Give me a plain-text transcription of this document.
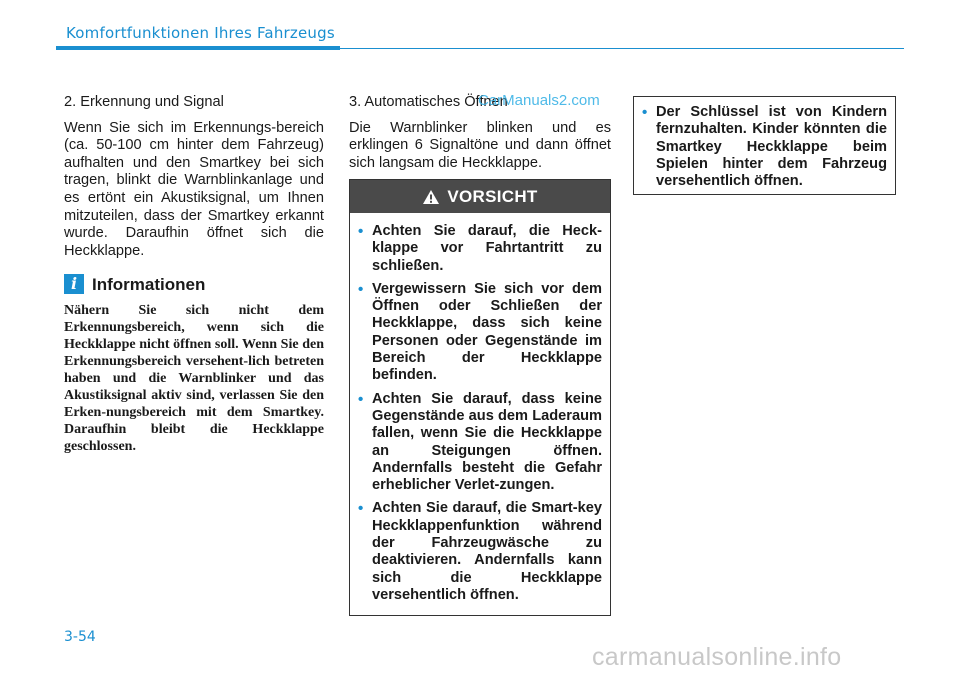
Komfortfunktionen Ihres Fahrzeugs

2. Erkennung und Signal

Wenn Sie sich im Erkennungs-bereich (ca. 50-100 cm hinter dem Fahrzeug) aufhalten und den Smartkey bei sich tragen, blinkt die Warnblinkanlage und es ertönt ein Akustiksignal, um Ihnen mitzuteilen, dass der Smartkey erkannt wurde. Daraufhin öffnet sich die Heckklappe.

i Informationen

Nähern Sie sich nicht dem Erkennungsbereich, wenn sich die Heckklappe nicht öffnen soll. Wenn Sie den Erkennungsbereich versehent-lich betreten haben und die Warnblinker und das Akustiksignal aktiv sind, verlassen Sie den Erken-nungsbereich mit dem Smartkey. Daraufhin bleibt die Heckklappe geschlossen.

3. Automatisches Öffnen

Die Warnblinker blinken und es erklingen 6 Signaltöne und dann öffnet sich langsam die Heckklappe.

CarManuals2.com
VORSICHT
• Achten Sie darauf, die Heck-klappe vor Fahrtantritt zu schließen.
• Vergewissern Sie sich vor dem Öffnen oder Schließen der Heckklappe, dass sich keine Personen oder Gegenstände im Bereich der Heckklappe befinden.
• Achten Sie darauf, dass keine Gegenstände aus dem Laderaum fallen, wenn Sie die Heckklappe an Steigungen öffnen. Andernfalls besteht die Gefahr erheblicher Verlet-zungen.
• Achten Sie darauf, die Smart-key Heckklappenfunktion während der Fahrzeugwäsche zu deaktivieren. Andernfalls kann sich die Heckklappe versehentlich öffnen.
• Der Schlüssel ist von Kindern fernzuhalten. Kinder könnten die Smartkey Heckklappe beim Spielen hinter dem Fahrzeug versehentlich öffnen.
3-54
carmanualsonline.info
